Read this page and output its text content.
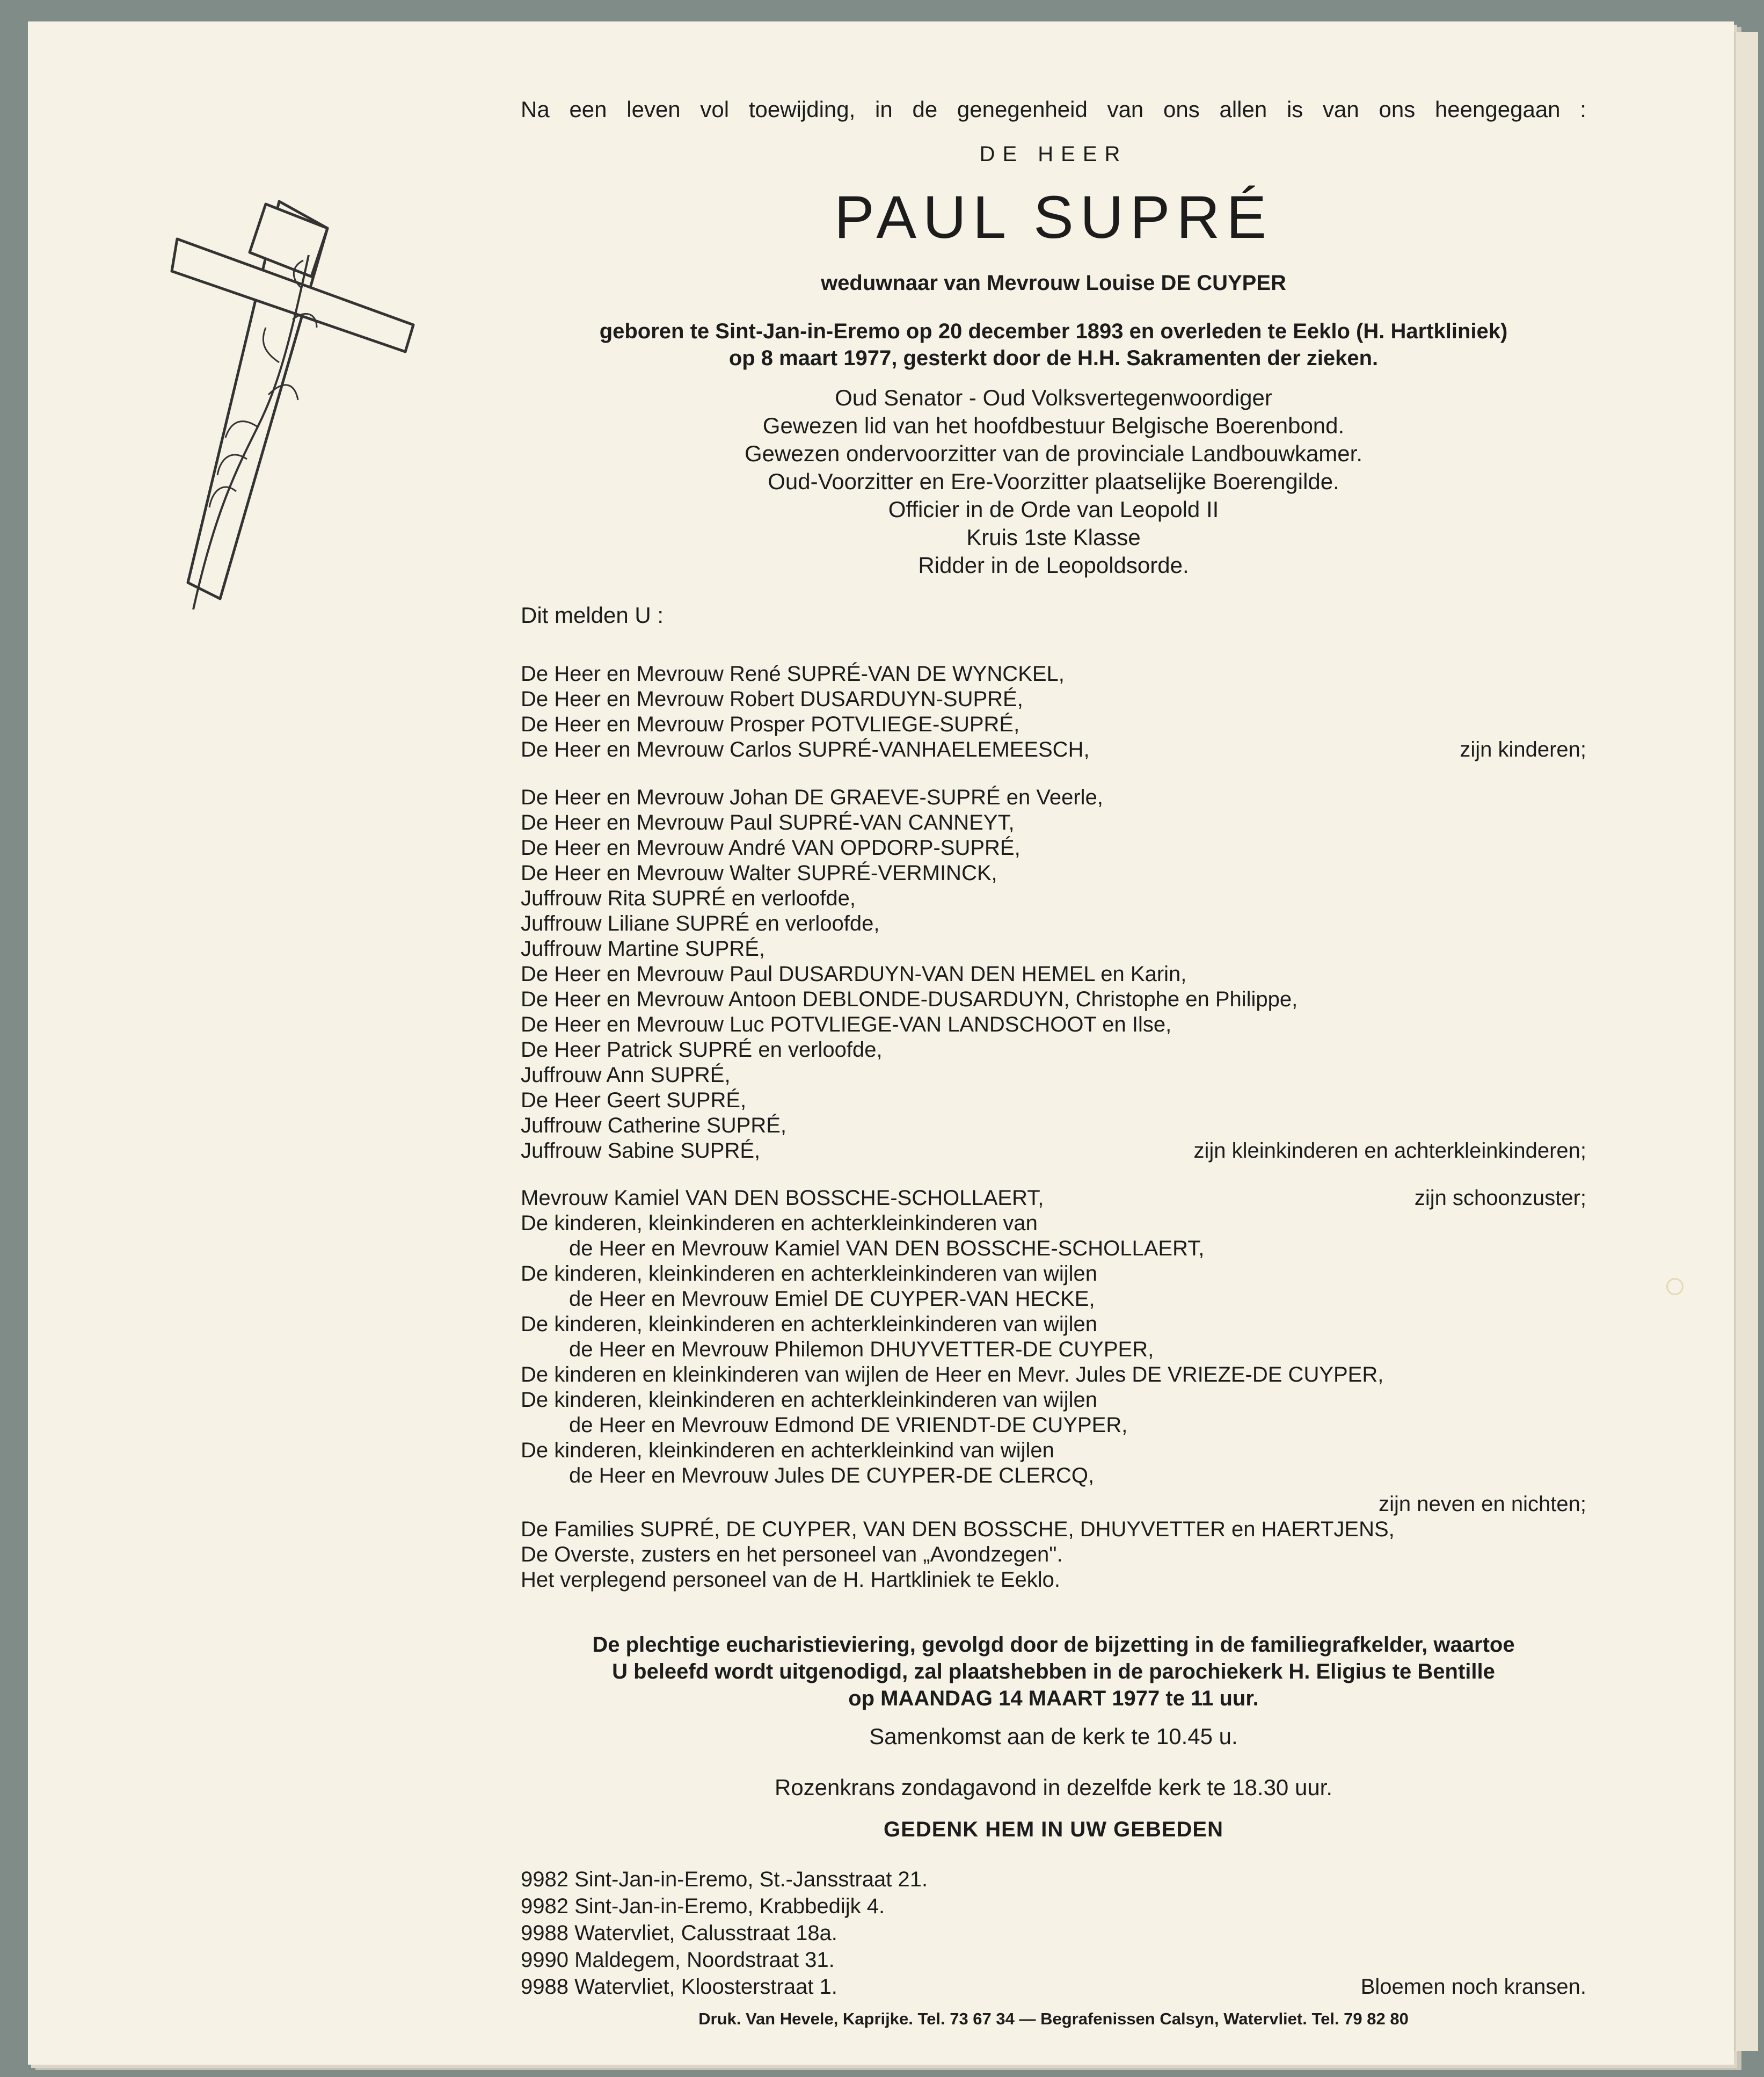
Na een leven vol toewijding, in de genegenheid van ons allen is van ons heengegaan :
DE HEER
PAUL SUPRÉ
weduwnaar van Mevrouw Louise DE CUYPER
geboren te Sint-Jan-in-Eremo op 20 december 1893 en overleden te Eeklo (H. Hartkliniek)
op 8 maart 1977, gesterkt door de H.H. Sakramenten der zieken.
Oud Senator - Oud Volksvertegenwoordiger
Gewezen lid van het hoofdbestuur Belgische Boerenbond.
Gewezen ondervoorzitter van de provinciale Landbouwkamer.
Oud-Voorzitter en Ere-Voorzitter plaatselijke Boerengilde.
Officier in de Orde van Leopold II
Kruis 1ste Klasse
Ridder in de Leopoldsorde.
Dit melden U :
De Heer en Mevrouw René SUPRÉ-VAN DE WYNCKEL,
De Heer en Mevrouw Robert DUSARDUYN-SUPRÉ,
De Heer en Mevrouw Prosper POTVLIEGE-SUPRÉ,
De Heer en Mevrouw Carlos SUPRÉ-VANHAELEMEESCH,	zijn kinderen;
De Heer en Mevrouw Johan DE GRAEVE-SUPRÉ en Veerle,
De Heer en Mevrouw Paul SUPRÉ-VAN CANNEYT,
De Heer en Mevrouw André VAN OPDORP-SUPRÉ,
De Heer en Mevrouw Walter SUPRÉ-VERMINCK,
Juffrouw Rita SUPRÉ en verloofde,
Juffrouw Liliane SUPRÉ en verloofde,
Juffrouw Martine SUPRÉ,
De Heer en Mevrouw Paul DUSARDUYN-VAN DEN HEMEL en Karin,
De Heer en Mevrouw Antoon DEBLONDE-DUSARDUYN, Christophe en Philippe,
De Heer en Mevrouw Luc POTVLIEGE-VAN LANDSCHOOT en Ilse,
De Heer Patrick SUPRÉ en verloofde,
Juffrouw Ann SUPRÉ,
De Heer Geert SUPRÉ,
Juffrouw Catherine SUPRÉ,
Juffrouw Sabine SUPRÉ,	zijn kleinkinderen en achterkleinkinderen;
Mevrouw Kamiel VAN DEN BOSSCHE-SCHOLLAERT,	zijn schoonzuster;
De kinderen, kleinkinderen en achterkleinkinderen van
de Heer en Mevrouw Kamiel VAN DEN BOSSCHE-SCHOLLAERT,
De kinderen, kleinkinderen en achterkleinkinderen van wijlen
de Heer en Mevrouw Emiel DE CUYPER-VAN HECKE,
De kinderen, kleinkinderen en achterkleinkinderen van wijlen
de Heer en Mevrouw Philemon DHUYVETTER-DE CUYPER,
De kinderen en kleinkinderen van wijlen de Heer en Mevr. Jules DE VRIEZE-DE CUYPER,
De kinderen, kleinkinderen en achterkleinkinderen van wijlen
de Heer en Mevrouw Edmond DE VRIENDT-DE CUYPER,
De kinderen, kleinkinderen en achterkleinkind van wijlen
de Heer en Mevrouw Jules DE CUYPER-DE CLERCQ,
zijn neven en nichten;
De Families SUPRÉ, DE CUYPER, VAN DEN BOSSCHE, DHUYVETTER en HAERTJENS,
De Overste, zusters en het personeel van „Avondzegen".
Het verplegend personeel van de H. Hartkliniek te Eeklo.
De plechtige eucharistieviering, gevolgd door de bijzetting in de familiegrafkelder, waartoe
U beleefd wordt uitgenodigd, zal plaatshebben in de parochiekerk H. Eligius te Bentille
op MAANDAG 14 MAART 1977 te 11 uur.
Samenkomst aan de kerk te 10.45 u.
Rozenkrans zondagavond in dezelfde kerk te 18.30 uur.
GEDENK HEM IN UW GEBEDEN
9982 Sint-Jan-in-Eremo, St.-Jansstraat 21.
9982 Sint-Jan-in-Eremo, Krabbedijk 4.
9988 Watervliet, Calusstraat 18a.
9990 Maldegem, Noordstraat 31.
9988 Watervliet, Kloosterstraat 1.	Bloemen noch kransen.
Druk. Van Hevele, Kaprijke. Tel. 73 67 34 — Begrafenissen Calsyn, Watervliet. Tel. 79 82 80
